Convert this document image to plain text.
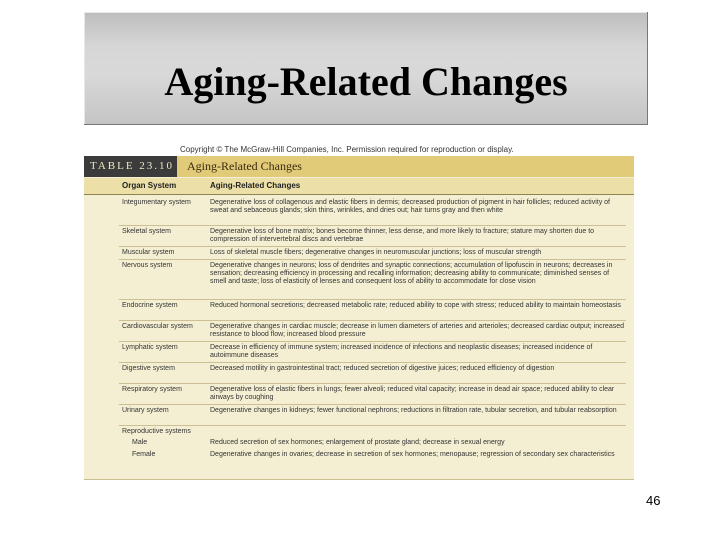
Aging-Related Changes
Copyright © The McGraw-Hill Companies, Inc. Permission required for reproduction or display.
TABLE 23.10	Aging-Related Changes
Organ System	Aging-Related Changes
Integumentary system	Degenerative loss of collagenous and elastic fibers in dermis; decreased production of pigment in hair follicles; reduced activity of sweat and sebaceous glands; skin thins, wrinkles, and dries out; hair turns gray and then white
Skeletal system	Degenerative loss of bone matrix; bones become thinner, less dense, and more likely to fracture; stature may shorten due to compression of intervertebral discs and vertebrae
Muscular system	Loss of skeletal muscle fibers; degenerative changes in neuromuscular junctions; loss of muscular strength
Nervous system	Degenerative changes in neurons; loss of dendrites and synaptic connections; accumulation of lipofuscin in neurons; decreases in sensation; decreasing efficiency in processing and recalling information; decreasing ability to communicate; diminished senses of smell and taste; loss of elasticity of lenses and consequent loss of ability to accommodate for close vision
Endocrine system	Reduced hormonal secretions; decreased metabolic rate; reduced ability to cope with stress; reduced ability to maintain homeostasis
Cardiovascular system	Degenerative changes in cardiac muscle; decrease in lumen diameters of arteries and arterioles; decreased cardiac output; increased resistance to blood flow; increased blood pressure
Lymphatic system	Decrease in efficiency of immune system; increased incidence of infections and neoplastic diseases; increased incidence of autoimmune diseases
Digestive system	Decreased motility in gastrointestinal tract; reduced secretion of digestive juices; reduced efficiency of digestion
Respiratory system	Degenerative loss of elastic fibers in lungs; fewer alveoli; reduced vital capacity; increase in dead air space; reduced ability to clear airways by coughing
Urinary system	Degenerative changes in kidneys; fewer functional nephrons; reductions in filtration rate, tubular secretion, and tubular reabsorption
Reproductive systems
Male	Reduced secretion of sex hormones; enlargement of prostate gland; decrease in sexual energy
Female	Degenerative changes in ovaries; decrease in secretion of sex hormones; menopause; regression of secondary sex characteristics
46
